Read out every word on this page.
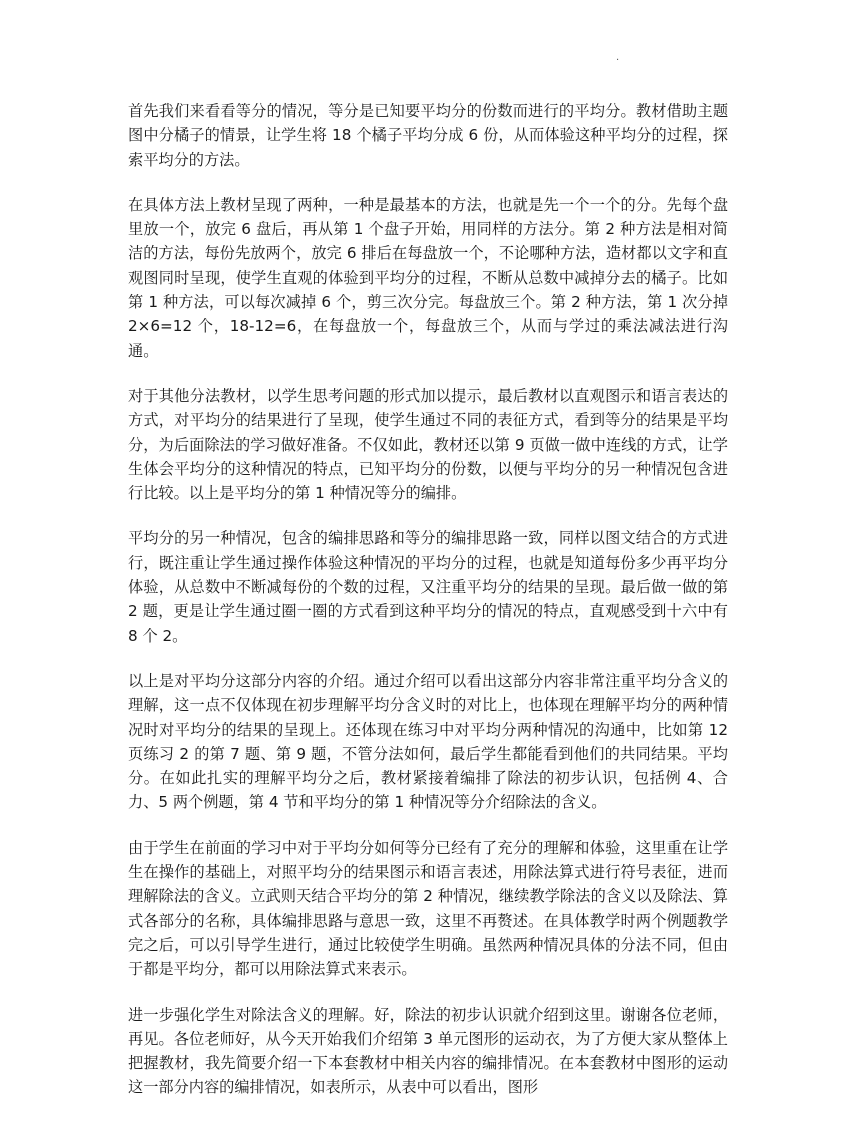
.

首先我们来看看等分的情况，等分是已知要平均分的份数而进行的平均分。教材借助主题图中分橘子的情景，让学生将 18 个橘子平均分成 6 份，从而体验这种平均分的过程，探索平均分的方法。

在具体方法上教材呈现了两种，一种是最基本的方法，也就是先一个一个的分。先每个盘里放一个，放完 6 盘后，再从第 1 个盘子开始，用同样的方法分。第 2 种方法是相对简洁的方法，每份先放两个，放完 6 排后在每盘放一个，不论哪种方法，造材都以文字和直观图同时呈现，使学生直观的体验到平均分的过程，不断从总数中减掉分去的橘子。比如第 1 种方法，可以每次减掉 6 个，剪三次分完。每盘放三个。第 2 种方法，第 1 次分掉 2×6=12 个，18-12=6，在每盘放一个，每盘放三个，从而与学过的乘法减法进行沟通。

对于其他分法教材，以学生思考问题的形式加以提示，最后教材以直观图示和语言表达的方式，对平均分的结果进行了呈现，使学生通过不同的表征方式，看到等分的结果是平均分，为后面除法的学习做好准备。不仅如此，教材还以第 9 页做一做中连线的方式，让学生体会平均分的这种情况的特点，已知平均分的份数，以便与平均分的另一种情况包含进行比较。以上是平均分的第 1 种情况等分的编排。

平均分的另一种情况，包含的编排思路和等分的编排思路一致，同样以图文结合的方式进行，既注重让学生通过操作体验这种情况的平均分的过程，也就是知道每份多少再平均分体验，从总数中不断减每份的个数的过程，又注重平均分的结果的呈现。最后做一做的第 2 题，更是让学生通过圈一圈的方式看到这种平均分的情况的特点，直观感受到十六中有 8 个 2。

以上是对平均分这部分内容的介绍。通过介绍可以看出这部分内容非常注重平均分含义的理解，这一点不仅体现在初步理解平均分含义时的对比上，也体现在理解平均分的两种情况时对平均分的结果的呈现上。还体现在练习中对平均分两种情况的沟通中，比如第 12 页练习 2 的第 7 题、第 9 题，不管分法如何，最后学生都能看到他们的共同结果。平均分。在如此扎实的理解平均分之后，教材紧接着编排了除法的初步认识，包括例 4、合力、5 两个例题，第 4 节和平均分的第 1 种情况等分介绍除法的含义。

由于学生在前面的学习中对于平均分如何等分已经有了充分的理解和体验，这里重在让学生在操作的基础上，对照平均分的结果图示和语言表述，用除法算式进行符号表征，进而理解除法的含义。立武则天结合平均分的第 2 种情况，继续教学除法的含义以及除法、算式各部分的名称，具体编排思路与意思一致，这里不再赘述。在具体教学时两个例题教学完之后，可以引导学生进行，通过比较使学生明确。虽然两种情况具体的分法不同，但由于都是平均分，都可以用除法算式来表示。

进一步强化学生对除法含义的理解。好，除法的初步认识就介绍到这里。谢谢各位老师，再见。各位老师好，从今天开始我们介绍第 3 单元图形的运动衣，为了方便大家从整体上把握教材，我先简要介绍一下本套教材中相关内容的编排情况。在本套教材中图形的运动这一部分内容的编排情况，如表所示，从表中可以看出，图形
